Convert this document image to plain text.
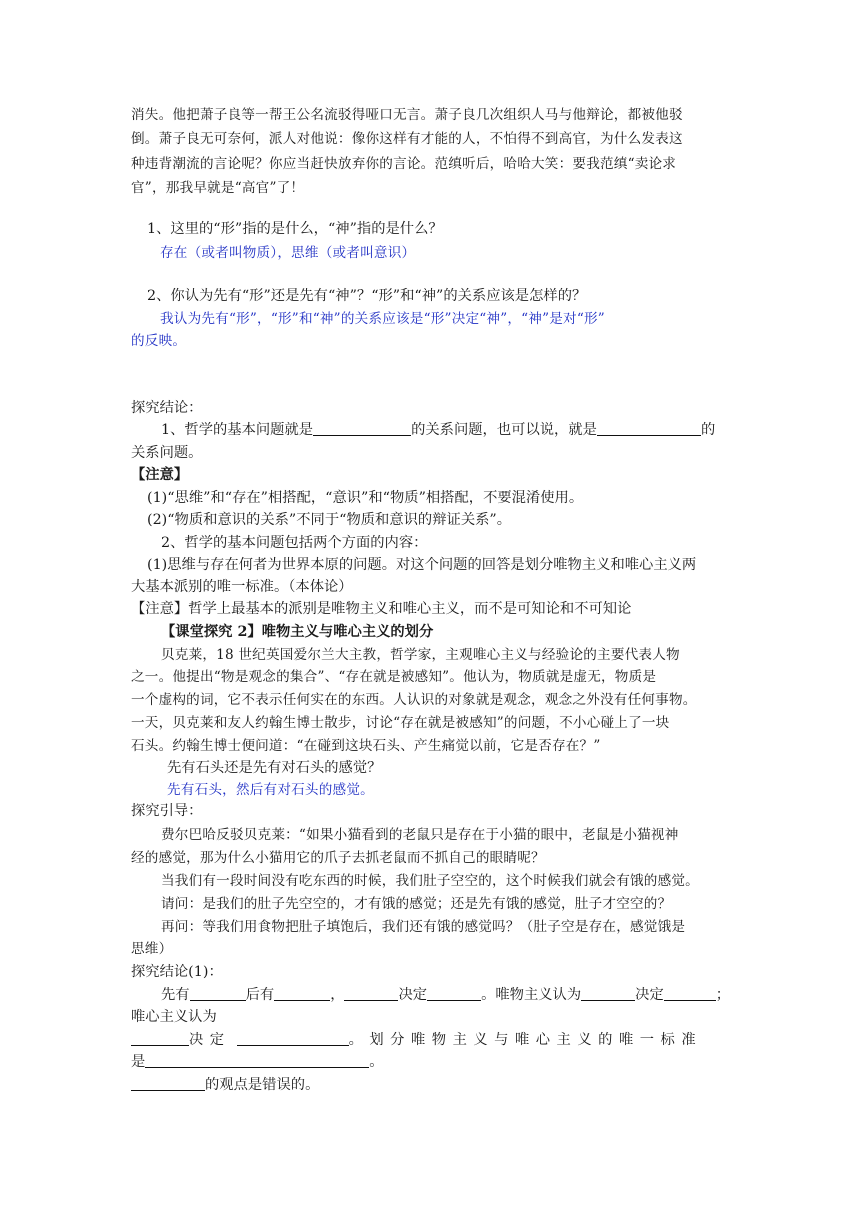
消失。他把萧子良等一帮王公名流驳得哑口无言。萧子良几次组织人马与他辩论，都被他驳
倒。萧子良无可奈何，派人对他说：像你这样有才能的人，不怕得不到高官，为什么发表这
种违背潮流的言论呢？你应当赶快放弃你的言论。范缜听后，哈哈大笑：要我范缜“卖论求
官”，那我早就是“高官”了！
1、这里的“形”指的是什么，“神”指的是什么？
存在（或者叫物质），思维（或者叫意识）
2、你认为先有“形”还是先有“神”？“形”和“神”的关系应该是怎样的？
我认为先有“形”，“形”和“神”的关系应该是“形”决定“神”，“神”是对“形”
的反映。
探究结论：
1、哲学的基本问题就是	的关系问题，也可以说，就是	的
关系问题。
【注意】
(1)“思维”和“存在”相搭配，“意识”和“物质”相搭配，不要混淆使用。
(2)“物质和意识的关系”不同于“物质和意识的辩证关系”。
2、哲学的基本问题包括两个方面的内容：
(1)思维与存在何者为世界本原的问题。对这个问题的回答是划分唯物主义和唯心主义两
大基本派别的唯一标准。（本体论）
【注意】哲学上最基本的派别是唯物主义和唯心主义，而不是可知论和不可知论
【课堂探究 2】唯物主义与唯心主义的划分
贝克莱，18 世纪英国爱尔兰大主教，哲学家，主观唯心主义与经验论的主要代表人物
之一。他提出“物是观念的集合”、“存在就是被感知”。他认为，物质就是虚无，物质是
一个虚构的词，它不表示任何实在的东西。人认识的对象就是观念，观念之外没有任何事物。
一天，贝克莱和友人约翰生博士散步，讨论“存在就是被感知”的问题，不小心碰上了一块
石头。约翰生博士便问道：“在碰到这块石头、产生痛觉以前，它是否存在？”
先有石头还是先有对石头的感觉？
先有石头，然后有对石头的感觉。
探究引导：
费尔巴哈反驳贝克莱：“如果小猫看到的老鼠只是存在于小猫的眼中，老鼠是小猫视神
经的感觉，那为什么小猫用它的爪子去抓老鼠而不抓自己的眼睛呢？
当我们有一段时间没有吃东西的时候，我们肚子空空的，这个时候我们就会有饿的感觉。
请问：是我们的肚子先空空的，才有饿的感觉；还是先有饿的感觉，肚子才空空的？
再问：等我们用食物把肚子填饱后，我们还有饿的感觉吗？（肚子空是存在，感觉饿是
思维）
探究结论(1)：
先有	后有	，	决定	。唯物主义认为	决定	；
唯心主义认为
决定	。划分唯物主义与唯心主义的唯一标准
是	。
的观点是错误的。
